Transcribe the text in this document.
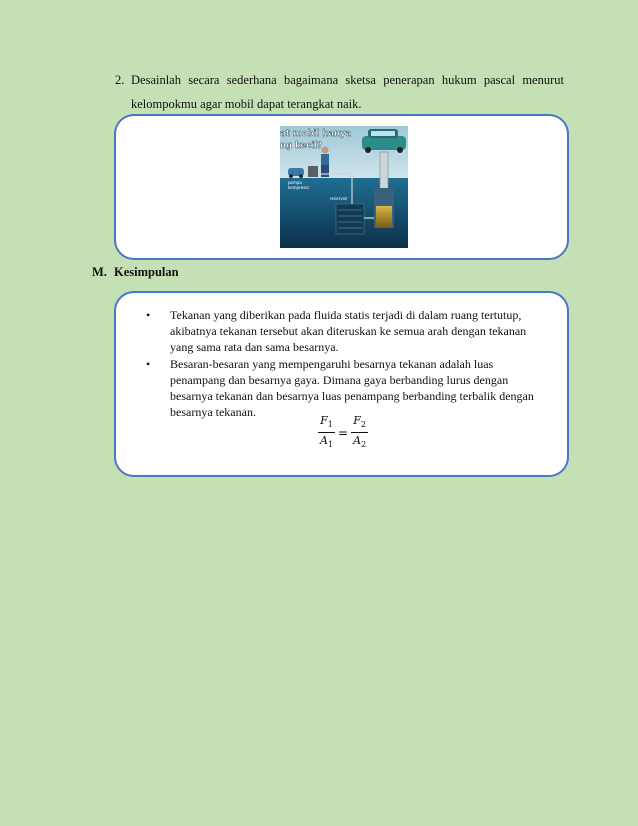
2. Desainlah secara sederhana bagaimana sketsa penerapan hukum pascal menurut
kelompokmu agar mobil dapat terangkat naik.
at mobil hanya
ng kecil?
pompa
kompresor
reservoir
M. Kesimpulan
• Tekanan yang diberikan pada fluida statis terjadi di dalam ruang tertutup, akibatnya tekanan tersebut akan diteruskan ke semua arah dengan tekanan yang sama rata dan sama besarnya.
• Besaran-besaran yang mempengaruhi besarnya tekanan adalah luas penampang dan besarnya gaya. Dimana gaya berbanding lurus dengan besarnya tekanan dan besarnya luas penampang berbanding terbalik dengan besarnya tekanan.
$\frac{F_1}{A_1} = \frac{F_2}{A_2}$
